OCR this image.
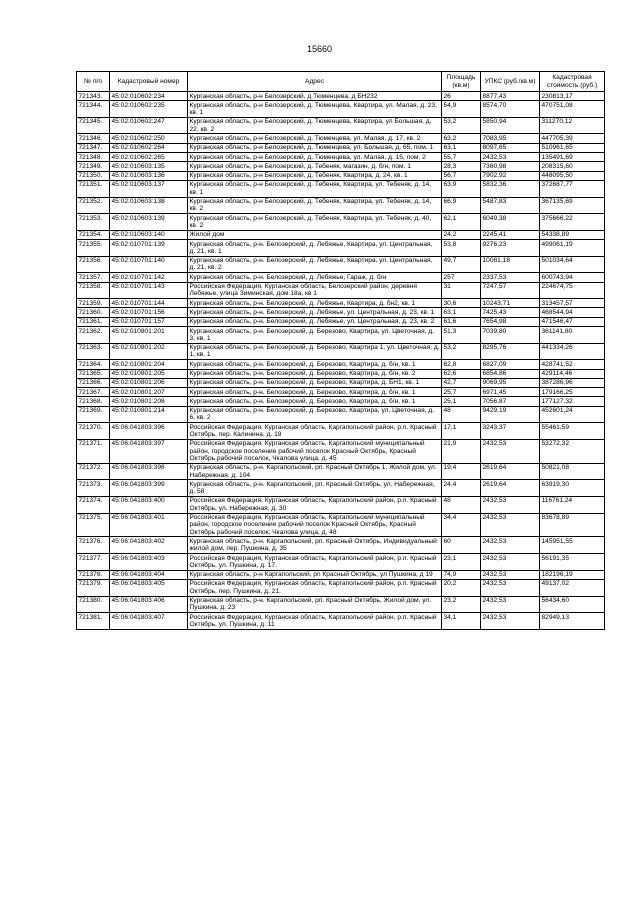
15660
№ п/п	Кадастровый номер	Адрес	Площадь (кв.м)	УПКС (руб./кв.м)	Кадастровая стоимость (руб.)
721343.	45:02:010602:234	Курганская область, р-н Белозерский, д Тюменцева, д БН232	26	8877,43	230813,17
721344.	45:02:010602:235	Курганская область, р-н Белозерский, д. Тюменцева, Квартира, ул. Малая, д. 23, кв. 1	54,9	8574,70	470751,08
721345.	45:02:010602:247	Курганская область, р-н Белозерский, д. Тюменцева, Квартира, ул Большая, д. 22, кв. 2	53,2	5850,94	311270,12
721346.	45:02:010602:250	Курганская область, р-н Белозерский, д. Тюменцева, ул. Малая, д. 17, кв. 2	63,2	7083,95	447705,39
721347.	45:02:010602:264	Курганская область, р-н Белозерский, д. Тюменцева, ул. Большая, д. 65, пом. 1	63,1	8097,65	510961,65
721348.	45:02:010602:265	Курганская область, р-н Белозерский, д. Тюменцева, ул. Малая, д. 15, пом. 2	55,7	2432,53	135491,69
721349.	45:02:010603:135	Курганская область, р-н Белозерский, д. Тебеняк, магазин, д. б/н, пом. 1	28,3	7360,98	208315,60
721350.	45:02:010603:136	Курганская область, р-н Белозерский, д. Тебеняк, Квартира, д. 24, кв. 1	56,7	7902,92	448095,50
721351.	45:02:010603:137	Курганская область, р-н Белозерский, д. Тебеняк, Квартира, ул. Тебеняк, д. 14, кв. 1	63,9	5832,36	372687,77
721352.	45:02:010603:138	Курганская область, р-н Белозерский, д. Тебеняк, Квартира, ул. Тебеняк, д. 14, кв. 2	66,9	5487,83	367135,69
721353.	45:02:010603:139	Курганская область, р-н Белозерский, д. Тебеняк, Квартира, ул. Тебеняк, д. 40, кв. 2	62,1	6049,38	375666,22
721354.	45:02:010603:140	Жилой дом	24,2	2245,41	54338,89
721355.	45:02:010701:139	Курганская область, р-н. Белозерский, д. Лебяжье, Квартира, ул. Центральная, д. 21, кв. 1	53,8	9276,23	499061,19
721356.	45:02:010701:140	Курганская область, р-н. Белозерский, д. Лебяжье, Квартира, ул. Центральная, д. 21, кв. 2	49,7	10081,18	501034,64
721357.	45:02:010701:142	Курганская область, р-н. Белозерский, д. Лебяжье, Гараж, д. б/н	257	2337,53	600743,94
721358.	45:02:010701:143	Российская Федерация, Курганская область, Белозерский район, деревня Лебяжье, улица Зиминская, дом 18а, кв 1	31	7247,57	224674,75
721359.	45:02:010701:144	Курганская область, р-н. Белозерский, д. Лебяжье, Квартира, д. бн2, кв. 1	30,6	10243,71	313457,57
721360.	45:02:010701:156	Курганская область, р-н. Белозерский, д. Лебяжье, ул. Центральная, д. 23, кв. 1	63,1	7425,43	468544,94
721361.	45:02:010701:157	Курганская область, р-н. Белозерский, д. Лебяжье, ул. Центральная, д. 23, кв. 2	61,6	7654,98	471546,47
721362.	45:02:010801:201	Курганская область, р-н. Белозерский, д. Березово, Квартира, ул. Цветочная, д. 3, кв. 1	51,3	7039,80	361141,80
721363.	45:02:010801:202	Курганская область, р-н. Белозерский, д. Березово, Квартира 1, ул. Цветочная, д. 1, кв. 1	53,2	8295,76	441334,26
721364.	45:02:010801:204	Курганская область, р-н. Белозерский, д. Березово, Квартира, д. б/н, кв. 1	62,8	6827,09	428741,52
721365.	45:02:010801:205	Курганская область, р-н. Белозерский, д. Березово, Квартира, д. б/н, кв. 2	62,6	6854,86	429114,46
721366.	45:02:010801:206	Курганская область, р-н. Белозерский, д. Березово, Квартира, д. БН1, кв. 1	42,7	9069,95	387286,96
721367.	45:02:010801:207	Курганская область, р-н. Белозерский, д. Березово, Квартира, д. б/н, кв. 1	25,7	6971,45	179166,25
721368.	45:02:010801:208	Курганская область, р-н. Белозерский, д. Березово, Квартира, д. б/н, кв. 1	25,1	7056,87	177127,32
721369.	45:02:010801:214	Курганская область, р-н. Белозерский, д. Березово, Квартира, ул. Цветочная, д. 6, кв. 2	48	9429,19	452601,24
721370.	45:06:041803:396	Российская Федерация, Курганская область, Каргапольский район, р.п. Красный Октябрь, пер. Калинина, д. 19	17,1	3243,37	55461,59
721371.	45:06:041803:397	Российская Федерация, Курганская область, Каргапольский муниципальный район, городское поселение рабочий поселок Красный Октябрь, Красный Октябрь рабочий поселок, Чкалова улица, д. 45	21,9	2432,53	53272,32
721372.	45:06:041803:398	Курганская область, р-н. Каргапольский, рп. Красный Октябрь 1, Жилой дом, ул. Набережная, д. 104	19,4	2619,64	50821,08
721373.	45:06:041803:399	Курганская область, р-н. Каргапольский, рп. Красный Октябрь, ул. Набережная, д. 58	24,4	2619,64	63919,30
721374.	45:06:041803:400	Российская Федерация, Курганская область, Каргапольский район, р.п. Красный Октябрь, ул. Набережная, д. 30	48	2432,53	116761,24
721375.	45:06:041803:401	Российская Федерация, Курганская область, Каргапольский муниципальный район, городское поселение рабочий поселок Красный Октябрь, Красный Октябрь рабочий поселок, Чкалова улица, д. 48	34,4	2432,53	83678,89
721376.	45:06:041803:402	Курганская область, р-н. Каргапольский, рп. Красный Октябрь, Индивидуальный жилой дом, пер. Пушкина, д. 35	60	2432,53	145951,55
721377.	45:06:041803:403	Российская Федерация, Курганская область, Каргапольский район, р.п. Красный Октябрь, ул. Пушкина, д. 17.	23,1	2432,53	56191,35
721378.	45:06:041803:404	Курганская область, р-н Каргапольский, рп Красный Октябрь, ул Пушкина, д 19	74,9	2432,53	182196,19
721379.	45:06:041803:405	Российская Федерация, Курганская область, Каргапольский район, р.п. Красный Октябрь, пер. Пушкина, д. 21.	20,2	2432,53	49137,02
721380.	45:06:041803:406	Курганская область, р-н. Каргапольский, рп. Красный Октябрь, Жилой дом, ул. Пушкина, д. 23	23,2	2432,53	56434,60
721381.	45:06:041803:407	Российская Федерация, Курганская область, Каргапольский район, р.п. Красный Октябрь, ул. Пушкина, д. 11	34,1	2432,53	82949,13
